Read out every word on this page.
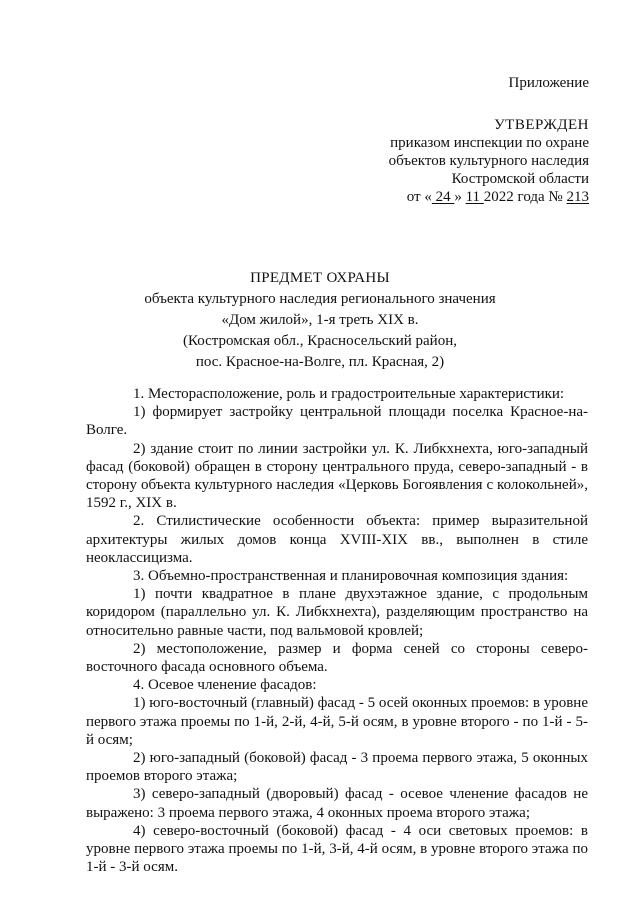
Приложение
УТВЕРЖДЕН
приказом инспекции по охране
объектов культурного наследия
Костромской области
от « 24 » 11 2022 года № 213
ПРЕДМЕТ ОХРАНЫ
объекта культурного наследия регионального значения
«Дом жилой», 1-я треть XIX в.
(Костромская обл., Красносельский район,
пос. Красное-на-Волге, пл. Красная, 2)

1. Месторасположение, роль и градостроительные характеристики:

1) формирует застройку центральной площади поселка Красное-на-Волге.

2) здание стоит по линии застройки ул. К. Либкхнехта, юго-западный фасад (боковой) обращен в сторону центрального пруда, северо-западный - в сторону объекта культурного наследия «Церковь Богоявления с колокольней», 1592 г., XIX в.

2. Стилистические особенности объекта: пример выразительной архитектуры жилых домов конца XVIII-XIX вв., выполнен в стиле неоклассицизма.

3. Объемно-пространственная и планировочная композиция здания:

1) почти квадратное в плане двухэтажное здание, с продольным коридором (параллельно ул. К. Либкхнехта), разделяющим пространство на относительно равные части, под вальмовой кровлей;

2) местоположение, размер и форма сеней со стороны северо-восточного фасада основного объема.

4. Осевое членение фасадов:

1) юго-восточный (главный) фасад - 5 осей оконных проемов: в уровне первого этажа проемы по 1-й, 2-й, 4-й, 5-й осям, в уровне второго - по 1-й - 5-й осям;

2) юго-западный (боковой) фасад - 3 проема первого этажа, 5 оконных проемов второго этажа;

3) северо-западный (дворовый) фасад - осевое членение фасадов не выражено: 3 проема первого этажа, 4 оконных проема второго этажа;

4) северо-восточный (боковой) фасад - 4 оси световых проемов: в уровне первого этажа проемы по 1-й, 3-й, 4-й осям, в уровне второго этажа по 1-й - 3-й осям.
